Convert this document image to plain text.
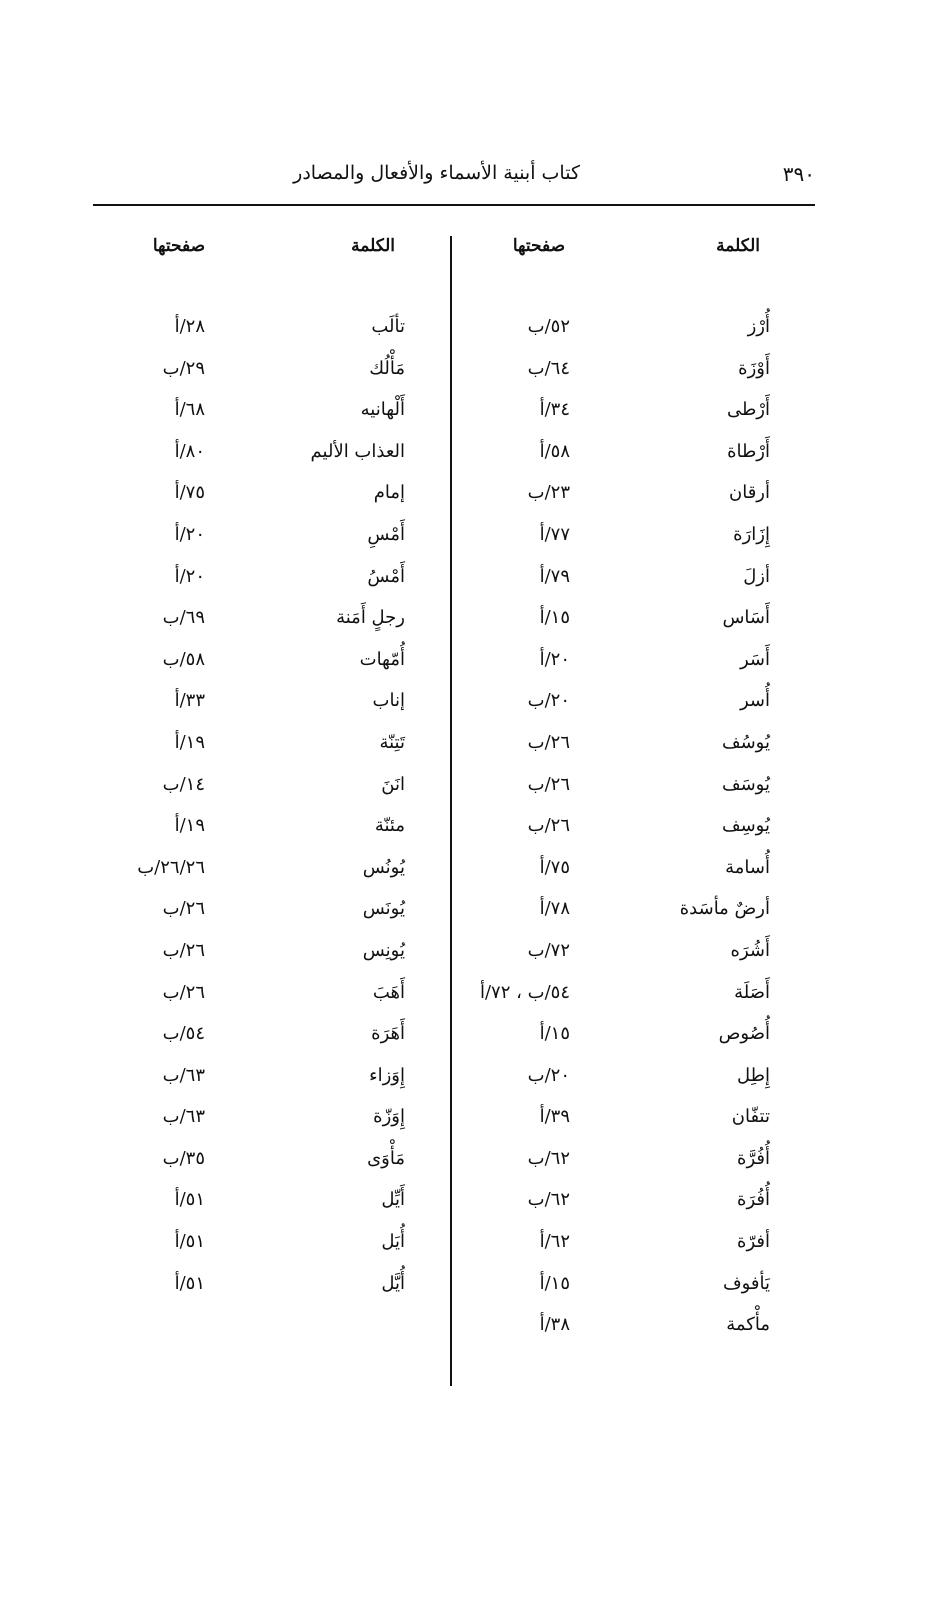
٣٩٠
كتاب أبنية الأسماء والأفعال والمصادر
الكلمة
صفحتها
أُرْز
٥٢/ب
أَوْزَة
٦٤/ب
أَرْطى
٣٤/أ
أَرْطاة
٥٨/أ
أرقان
٢٣/ب
إِزَارَة
٧٧/أ
أزلَ
٧٩/أ
أَسَاس
١٥/أ
أَسَر
٢٠/أ
أُسر
٢٠/ب
يُوسُف
٢٦/ب
يُوسَف
٢٦/ب
يُوسِف
٢٦/ب
أُسامة
٧٥/أ
أرضٌ مأسَدة
٧٨/أ
أَشُرَه
٧٢/ب
أَصَلَة
٥٤/ب ، ٧٢/أ
أُصُوص
١٥/أ
إِطِل
٢٠/ب
تتفّان
٣٩/أ
أُفُرَّة
٦٢/ب
أُفُرَة
٦٢/ب
أفرّة
٦٢/أ
يَأفوف
١٥/أ
مأْكمة
٣٨/أ
الكلمة
صفحتها
تألَب
٢٨/أ
مَأْلُك
٢٩/ب
أَلْهانيه
٦٨/أ
العذاب الأليم
٨٠/أ
إمام
٧٥/أ
أَمْسِ
٢٠/أ
أَمْسُ
٢٠/أ
رجلٍ أَمَنة
٦٩/ب
أُمّهات
٥٨/ب
إناب
٣٣/أ
تَتِنّة
١٩/أ
انَنَ
١٤/ب
مئنّة
١٩/أ
يُونُس
٢٦/٢٦/ب
يُونَس
٢٦/ب
يُونِس
٢٦/ب
أَهَبَ
٢٦/ب
أَهَرَة
٥٤/ب
إِوَزاء
٦٣/ب
إِوَزّة
٦٣/ب
مَأْوَى
٣٥/ب
أَيِّل
٥١/أ
أُيَل
٥١/أ
أُيَّل
٥١/أ
